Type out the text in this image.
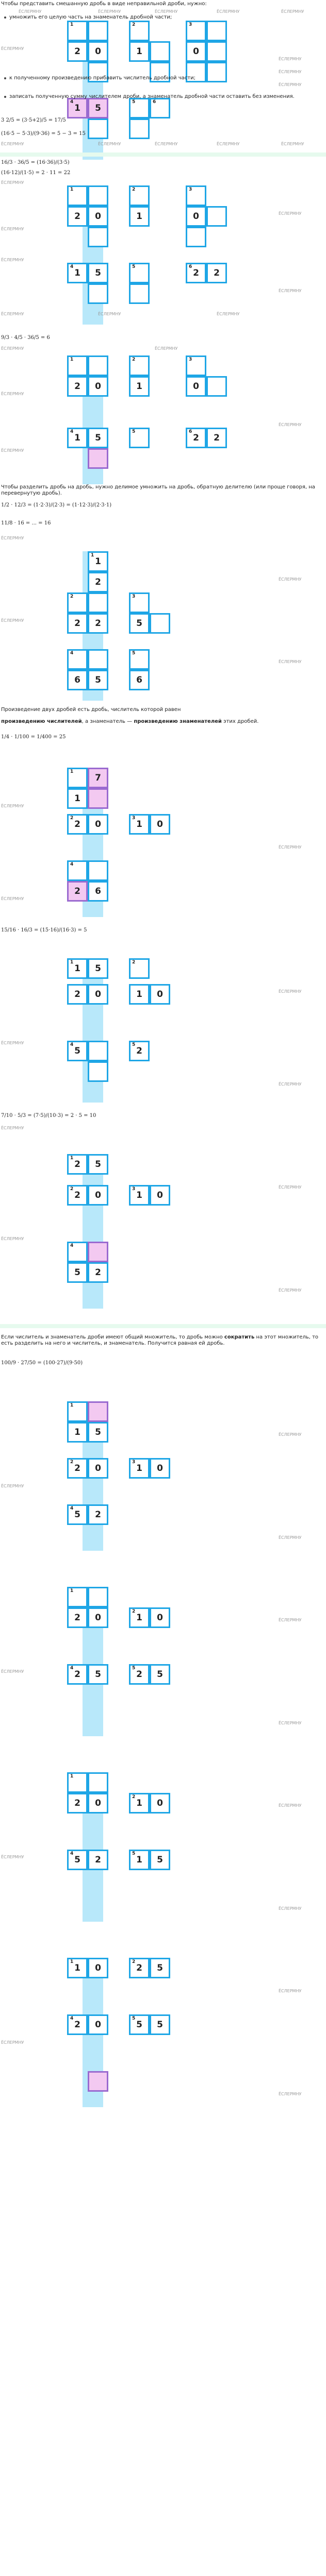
Чтобы представить смешанную дробь в виде неправильной дроби, нужно:
ЁСЛЕРМНУ	ЁСЛЕРМНУ	ЁСЛЕРМНУ	ЁСЛЕРМНУ	ЁСЛЕРМНУ
умножить его целую часть на знаменатель дробной части;
1	2	3
2 0	1	0
4
1 5
5	6
ЁСЛЕРМНУ
ЁСЛЕРМНУ
ЁСЛЕРМНУ
ЁСЛЕРМНУ
к полученному произведению прибавить числитель дробной части;
записать полученную сумму числителем дроби, а знаменатель дробной части оставить без изменения.
3 2/5 = (3·5+2)/5 = 17/5
(16·5 − 5·3)/(9·36) = 5 − 3 = 15
ЁСЛЕРМНУ	ЁСЛЕРМНУ	ЁСЛЕРМНУ	ЁСЛЕРМНУ	ЁСЛЕРМНУ
16/3 · 36/5 = (16·36)/(3·5)
(16·12)/(1·5) = 2 · 11 = 22
ЁСЛЕРМНУ
1	2	3
2 0	1	0
4
1 5
5	6
2 2
ЁСЛЕРМНУ
ЁСЛЕРМНУ
ЁСЛЕРМНУ
ЁСЛЕРМНУ
ЁСЛЕРМНУ	ЁСЛЕРМНУ	ЁСЛЕРМНУ
9/3 · 4/5 · 36/5 = 6
ЁСЛЕРМНУ	ЁСЛЕРМНУ
1	2	3
2 0	1	0
4
1 5
5	6
2 2
ЁСЛЕРМНУ
ЁСЛЕРМНУ
ЁСЛЕРМНУ
Чтобы разделить дробь на дробь, нужно делимое умножить на дробь, обратную делителю (или проще говоря, на перевернутую дробь).
1/2 · 12/3 = (1·2·3)/(2·3) = (1·12·3)/(2·3·1)
11/8 · 16 = ... = 16
ЁСЛЕРМНУ
1
1
2
2	3
2 2	5
4	5
6 5	6
ЁСЛЕРМНУ
ЁСЛЕРМНУ
ЁСЛЕРМНУ
Произведение двух дробей есть дробь, числитель которой равен
произведению числителей, а знаменатель — произведению знаменателей этих дробей.
1/4 · 1/100 = 1/400 = 25
1
7
1
2
2 0
3
1 0
4
2 6
ЁСЛЕРМНУ
ЁСЛЕРМНУ
ЁСЛЕРМНУ
15/16 · 16/3 = (15·16)/(16·3) = 5
1
1 5
2
2 0	1 0
4
5
5
2
ЁСЛЕРМНУ
ЁСЛЕРМНУ
ЁСЛЕРМНУ
7/10 · 5/3 = (7·5)/(10·3) = 2 · 5 = 10
ЁСЛЕРМНУ
1
2 5
2
2 0
3
1 0
4
5 2
ЁСЛЕРМНУ
ЁСЛЕРМНУ
ЁСЛЕРМНУ
Если числитель и знаменатель дроби имеют общий множитель, то дробь можно сократить на этот множитель, то есть разделить на него и числитель, и знаменатель. Получится равная ей дробь.
100/9 · 27/50 = (100·27)/(9·50)
1
1 5
2
2 0
3
1 0
4
5 2
ЁСЛЕРМНУ
ЁСЛЕРМНУ
ЁСЛЕРМНУ
1
2 0
2
1 0
4
2 5
5
2 5
ЁСЛЕРМНУ
ЁСЛЕРМНУ
ЁСЛЕРМНУ
1
2 0
2
1 0
4
5 2
5
1 5
ЁСЛЕРМНУ
ЁСЛЕРМНУ
ЁСЛЕРМНУ
1
1 0
2
2 5
4
2 0
5
5 5
ЁСЛЕРМНУ
ЁСЛЕРМНУ
ЁСЛЕРМНУ
